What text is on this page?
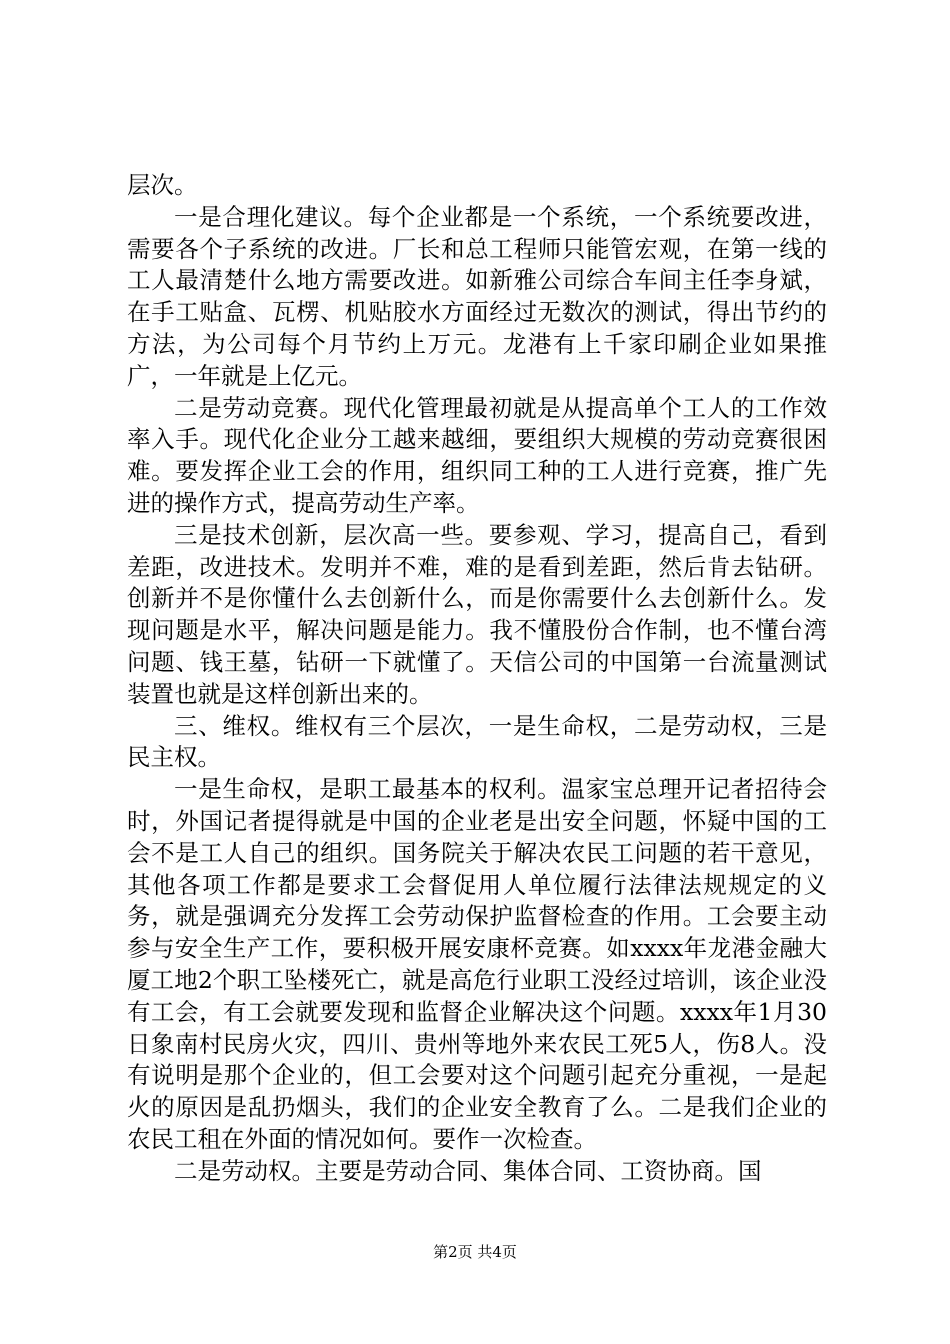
层次。

一是合理化建议。每个企业都是一个系统，一个系统要改进，需要各个子系统的改进。厂长和总工程师只能管宏观，在第一线的工人最清楚什么地方需要改进。如新雅公司综合车间主任李身斌，在手工贴盒、瓦楞、机贴胶水方面经过无数次的测试，得出节约的方法，为公司每个月节约上万元。龙港有上千家印刷企业如果推广，一年就是上亿元。

二是劳动竞赛。现代化管理最初就是从提高单个工人的工作效率入手。现代化企业分工越来越细，要组织大规模的劳动竞赛很困难。要发挥企业工会的作用，组织同工种的工人进行竞赛，推广先进的操作方式，提高劳动生产率。

三是技术创新，层次高一些。要参观、学习，提高自己，看到差距，改进技术。发明并不难，难的是看到差距，然后肯去钻研。创新并不是你懂什么去创新什么，而是你需要什么去创新什么。发现问题是水平，解决问题是能力。我不懂股份合作制，也不懂台湾问题、钱王墓，钻研一下就懂了。天信公司的中国第一台流量测试装置也就是这样创新出来的。

三、维权。维权有三个层次，一是生命权，二是劳动权，三是民主权。

一是生命权，是职工最基本的权利。温家宝总理开记者招待会时，外国记者提得就是中国的企业老是出安全问题，怀疑中国的工会不是工人自己的组织。国务院关于解决农民工问题的若干意见，其他各项工作都是要求工会督促用人单位履行法律法规规定的义务，就是强调充分发挥工会劳动保护监督检查的作用。工会要主动参与安全生产工作，要积极开展安康杯竞赛。如xxxx年龙港金融大厦工地2个职工坠楼死亡，就是高危行业职工没经过培训，该企业没有工会，有工会就要发现和监督企业解决这个问题。xxxx年1月30日象南村民房火灾，四川、贵州等地外来农民工死5人，伤8人。没有说明是那个企业的，但工会要对这个问题引起充分重视，一是起火的原因是乱扔烟头，我们的企业安全教育了么。二是我们企业的农民工租在外面的情况如何。要作一次检查。

二是劳动权。主要是劳动合同、集体合同、工资协商。国

第2页 共4页
